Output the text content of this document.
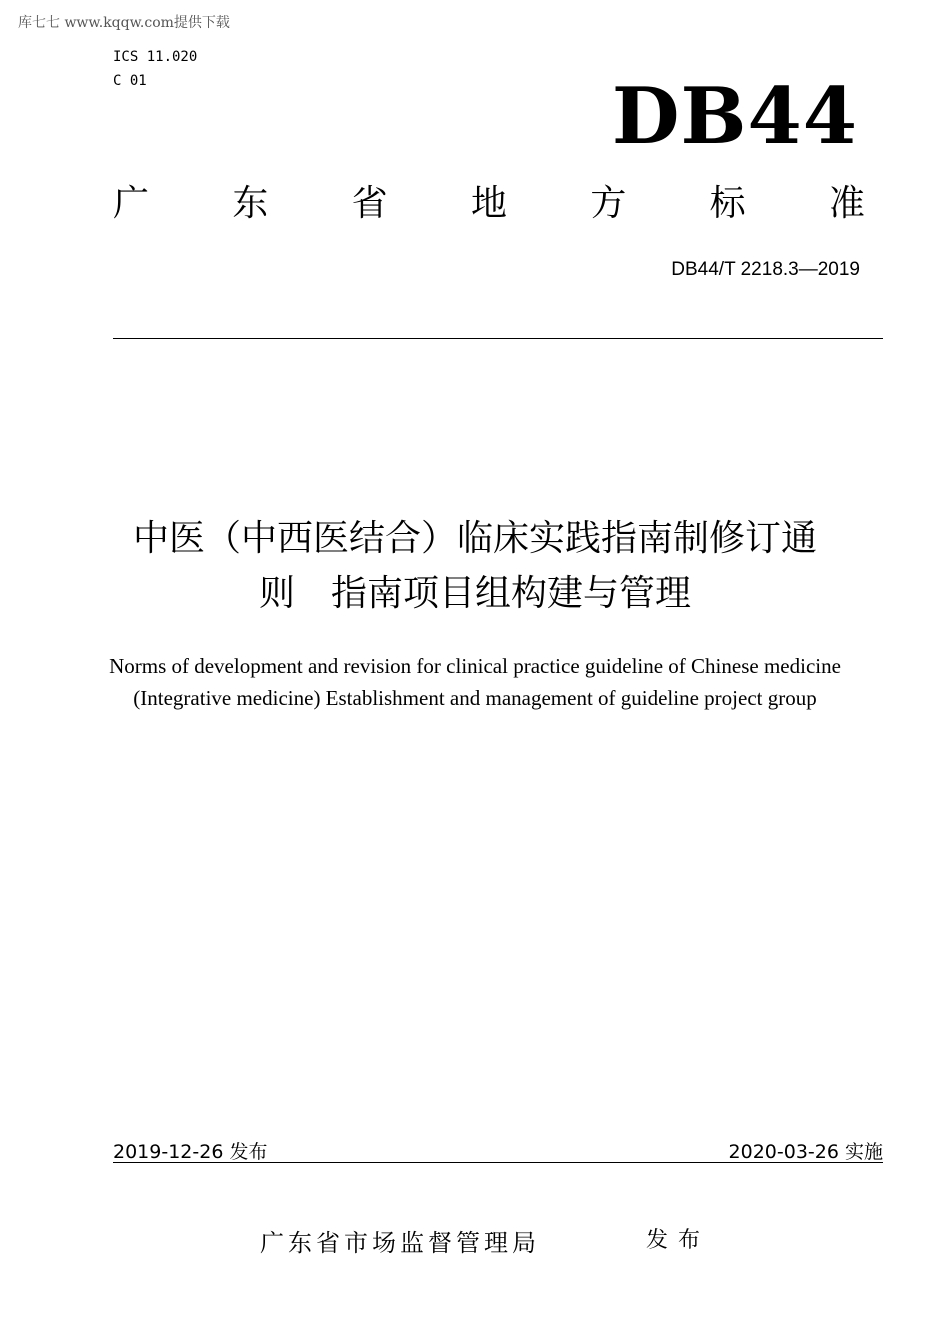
库七七 www.kqqw.com提供下载
ICS 11.020
C 01	DB44
广 东 省 地 方 标 准
DB44/T 2218.3—2019
中医（中西医结合）临床实践指南制修订通
则　指南项目组构建与管理
Norms of development and revision for clinical practice guideline of Chinese medicine (Integrative medicine) Establishment and management of guideline project group
2019-12-26 发布	2020-03-26 实施
广东省市场监督管理局	发布
